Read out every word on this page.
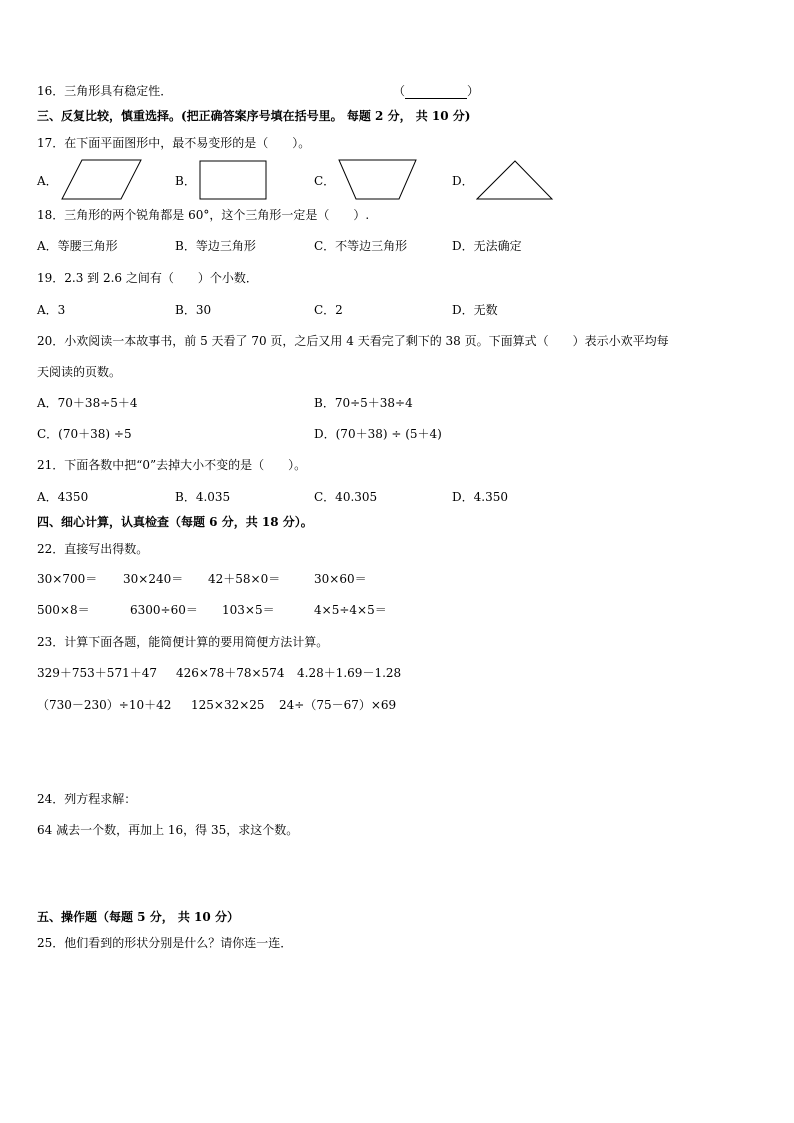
16．三角形具有稳定性．	（	）
三、反复比较，慎重选择。(把正确答案序号填在括号里。 每题 2 分， 共 10 分)
17．在下面平面图形中，最不易变形的是（　　）。
A．	B．	C．	D．
18．三角形的两个锐角都是 60°，这个三角形一定是（　　）.
A．等腰三角形	B．等边三角形	C．不等边三角形	D．无法确定
19．2.3 到 2.6 之间有（　　）个小数．
A．3	B．30	C．2	D．无数
20．小欢阅读一本故事书，前 5 天看了 70 页，之后又用 4 天看完了剩下的 38 页。下面算式（　　）表示小欢平均每
天阅读的页数。
A．70＋38÷5＋4	B．70÷5＋38÷4
C．(70＋38) ÷5	D．(70＋38) ÷ (5＋4)
21．下面各数中把“0”去掉大小不变的是（　　）。
A．4350	B．4.035	C．40.305	D．4.350
四、细心计算，认真检查（每题 6 分，共 18 分）。
22．直接写出得数。
30×700＝ 30×240＝ 42＋58×0＝	30×60＝
500×8＝	6300÷60＝ 103×5＝	4×5÷4×5＝
23．计算下面各题，能简便计算的要用简便方法计算。
329＋753＋571＋47 426×78＋78×574 4.28＋1.69－1.28
（730－230）÷10＋42 125×32×25 24÷（75－67）×69
24．列方程求解：
64 减去一个数，再加上 16，得 35，求这个数。
五、操作题（每题 5 分， 共 10 分）
25．他们看到的形状分别是什么？请你连一连．
